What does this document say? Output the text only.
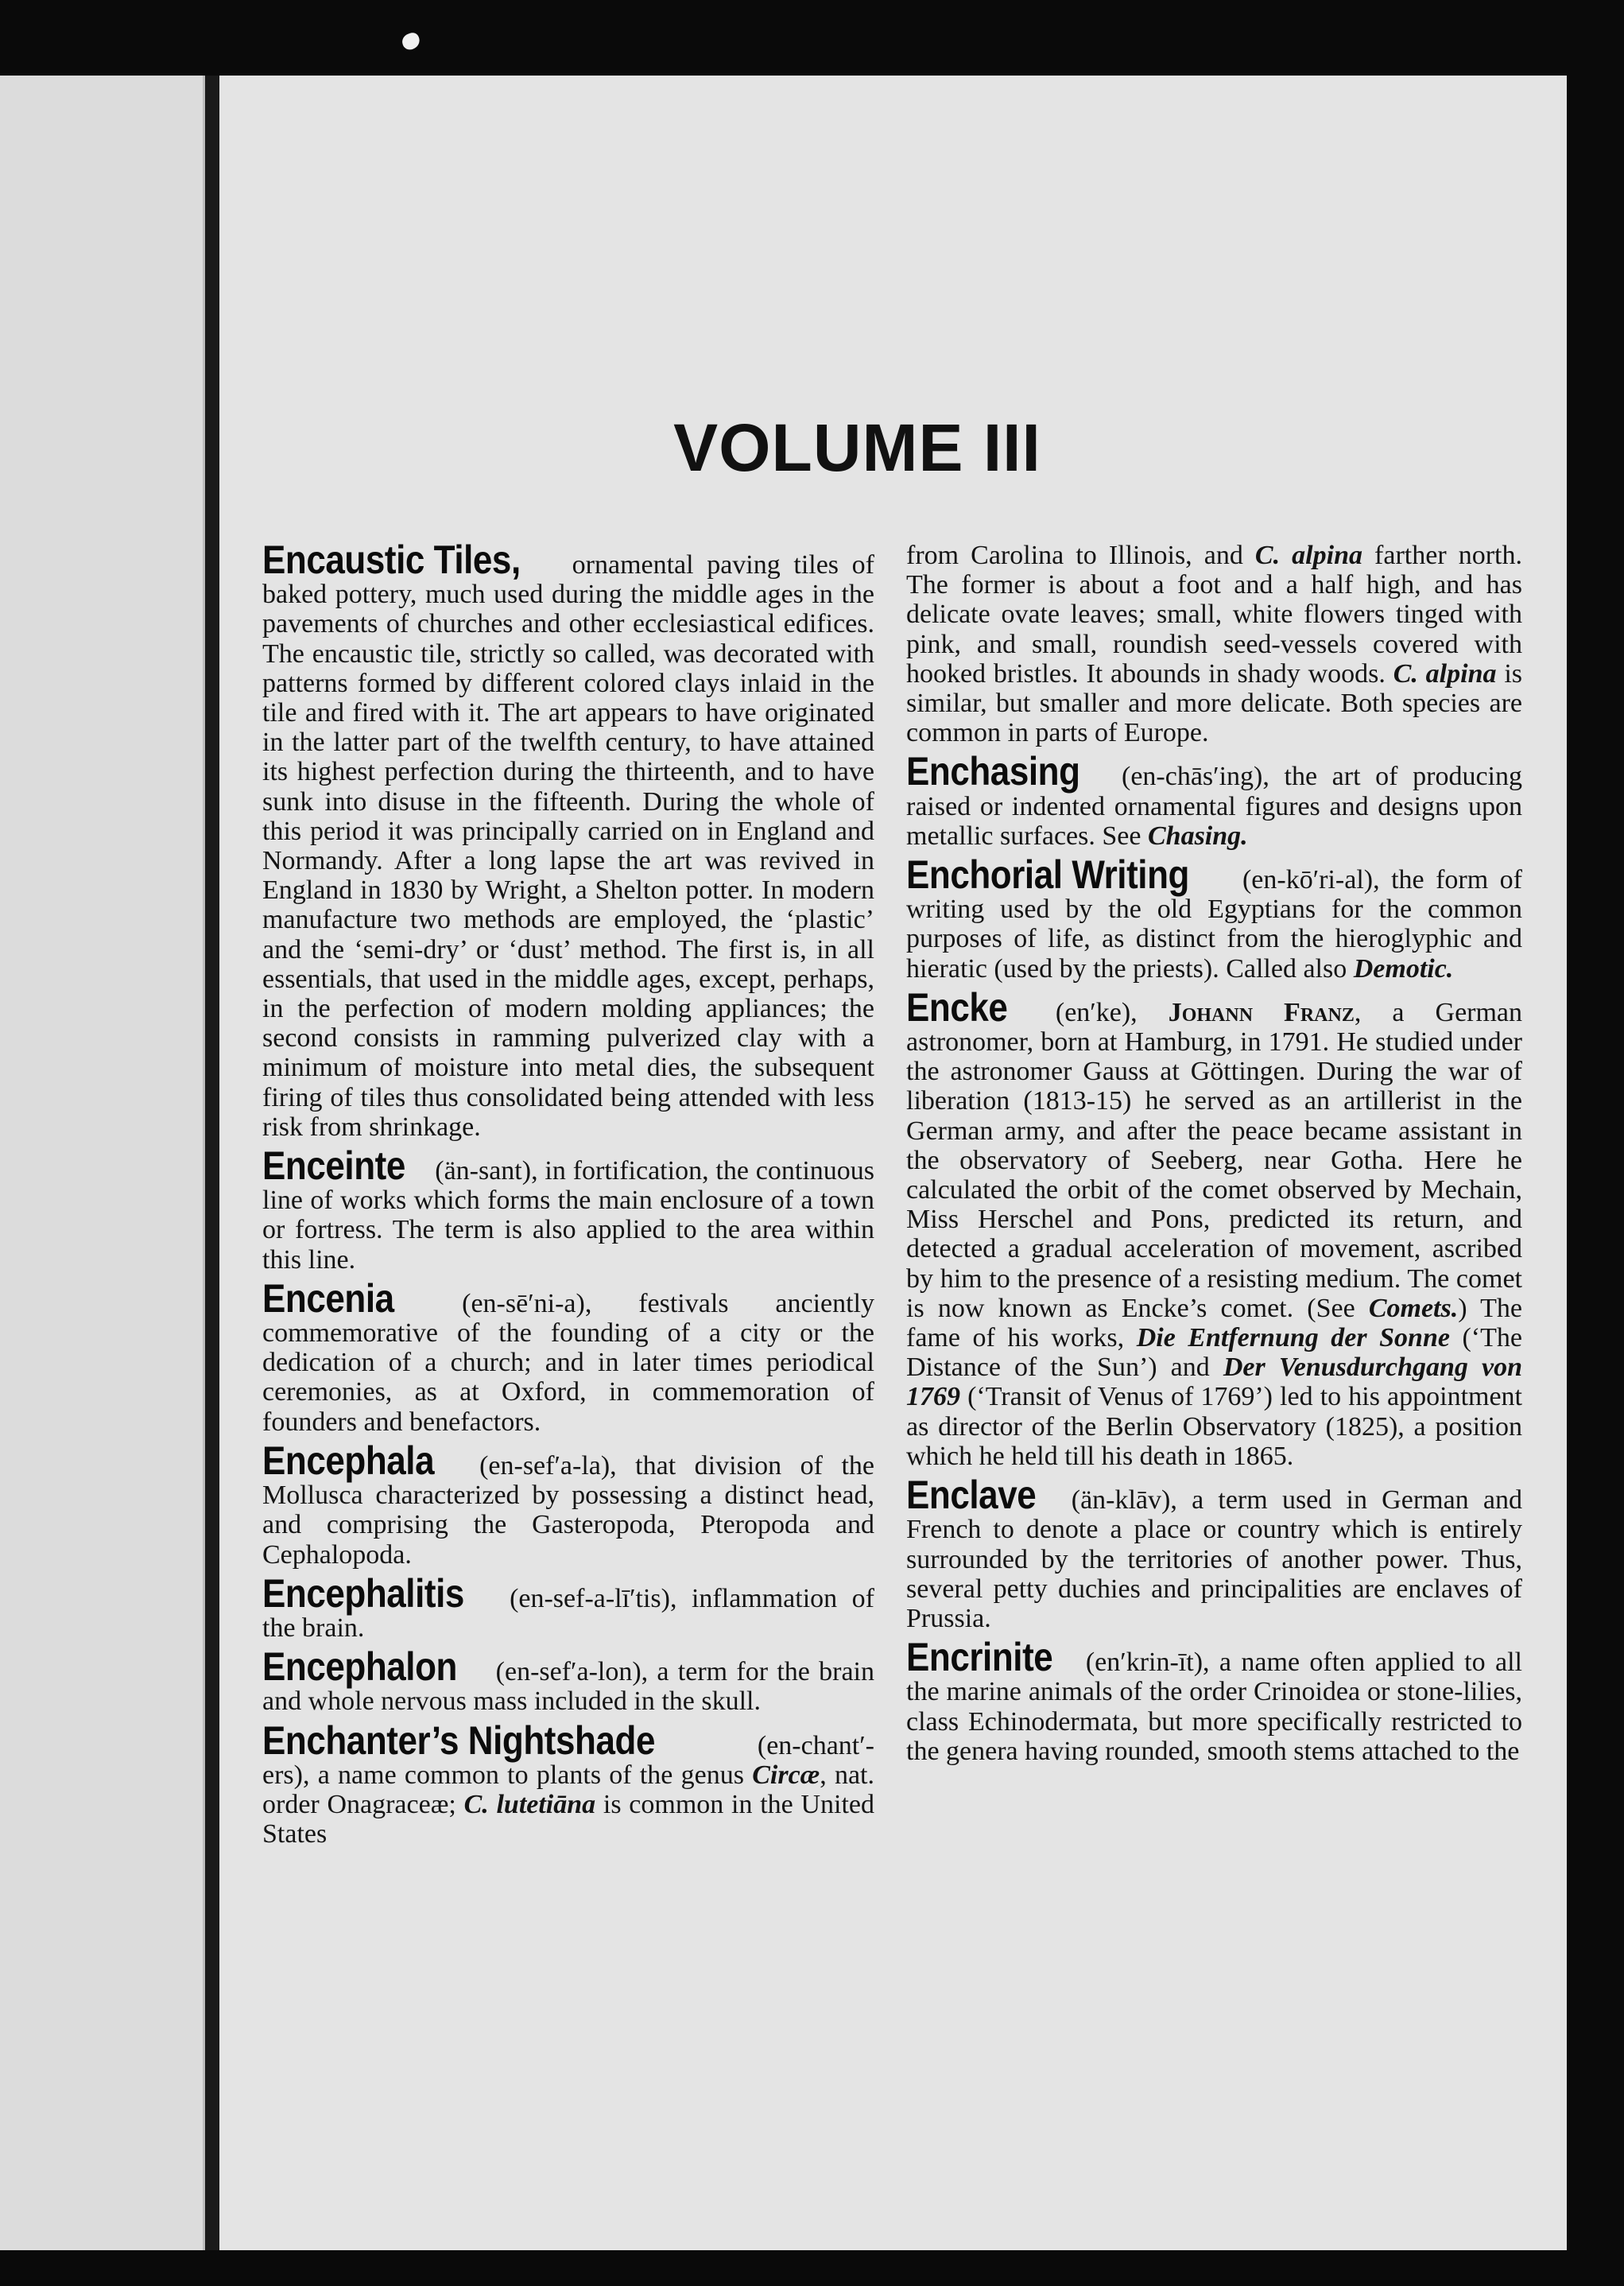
VOLUME III

Encaustic Tiles, ornamental paving tiles of baked pottery, much used during the middle ages in the pavements of churches and other ecclesiastical edifices. The encaustic tile, strictly so called, was decorated with patterns formed by different colored clays inlaid in the tile and fired with it. The art appears to have originated in the latter part of the twelfth century, to have attained its highest perfection during the thirteenth, and to have sunk into disuse in the fifteenth. During the whole of this period it was principally carried on in England and Normandy. After a long lapse the art was revived in England in 1830 by Wright, a Shelton potter. In modern manufacture two methods are employed, the ‘plastic’ and the ‘semi-dry’ or ‘dust’ method. The first is, in all essentials, that used in the middle ages, except, perhaps, in the perfection of modern molding appliances; the second consists in ramming pulverized clay with a minimum of moisture into metal dies, the subsequent firing of tiles thus consolidated being attended with less risk from shrinkage.

Enceinte (än-sant), in fortification, the continuous line of works which forms the main enclosure of a town or fortress. The term is also applied to the area within this line.

Encenia	(en-sē′ni-a), festivals anciently commemorative of the founding of a city or the dedication of a church; and in later times periodical ceremonies, as at Oxford, in commemoration of founders and benefactors.

Encephala (en-sef′a-la), that division of the Mollusca characterized by possessing a distinct head, and comprising the Gasteropoda, Pteropoda and Cephalopoda.

Encephalitis (en-sef-a-lī′tis), inflammation of the brain.

Encephalon (en-sef′a-lon), a term for the brain and whole nervous mass included in the skull.

Enchanter’s Nightshade	(en-chant′-ers), a name common to plants of the genus Circæ, nat. order Onagraceæ; C. lutetiāna is common in the United States

from Carolina to Illinois, and C. alpina farther north. The former is about a foot and a half high, and has delicate ovate leaves; small, white flowers tinged with pink, and small, roundish seed-vessels covered with hooked bristles. It abounds in shady woods. C. alpina is similar, but smaller and more delicate. Both species are common in parts of Europe.

Enchasing (en-chās′ing), the art of producing raised or indented ornamental figures and designs upon metallic surfaces. See Chasing.

Enchorial Writing (en-kō′ri-al), the form of writing used by the old Egyptians for the common purposes of life, as distinct from the hieroglyphic and hieratic (used by the priests). Called also Demotic.

Encke (en′ke), Johann Franz, a German astronomer, born at Hamburg, in 1791. He studied under the astronomer Gauss at Göttingen. During the war of liberation (1813-15) he served as an artillerist in the German army, and after the peace became assistant in the observatory of Seeberg, near Gotha. Here he calculated the orbit of the comet observed by Mechain, Miss Herschel and Pons, predicted its return, and detected a gradual acceleration of movement, ascribed by him to the presence of a resisting medium. The comet is now known as Encke’s comet. (See Comets.) The fame of his works, Die Entfernung der Sonne (‘The Distance of the Sun’) and Der Venusdurchgang von 1769 (‘Transit of Venus of 1769’) led to his appointment as director of the Berlin Observatory (1825), a position which he held till his death in 1865.

Enclave (än-klāv), a term used in German and French to denote a place or country which is entirely surrounded by the territories of another power. Thus, several petty duchies and principalities are enclaves of Prussia.

Encrinite (en′krin-īt), a name often applied to all the marine animals of the order Crinoidea or stone-lilies, class Echinodermata, but more specifically restricted to the genera having rounded, smooth stems attached to the
